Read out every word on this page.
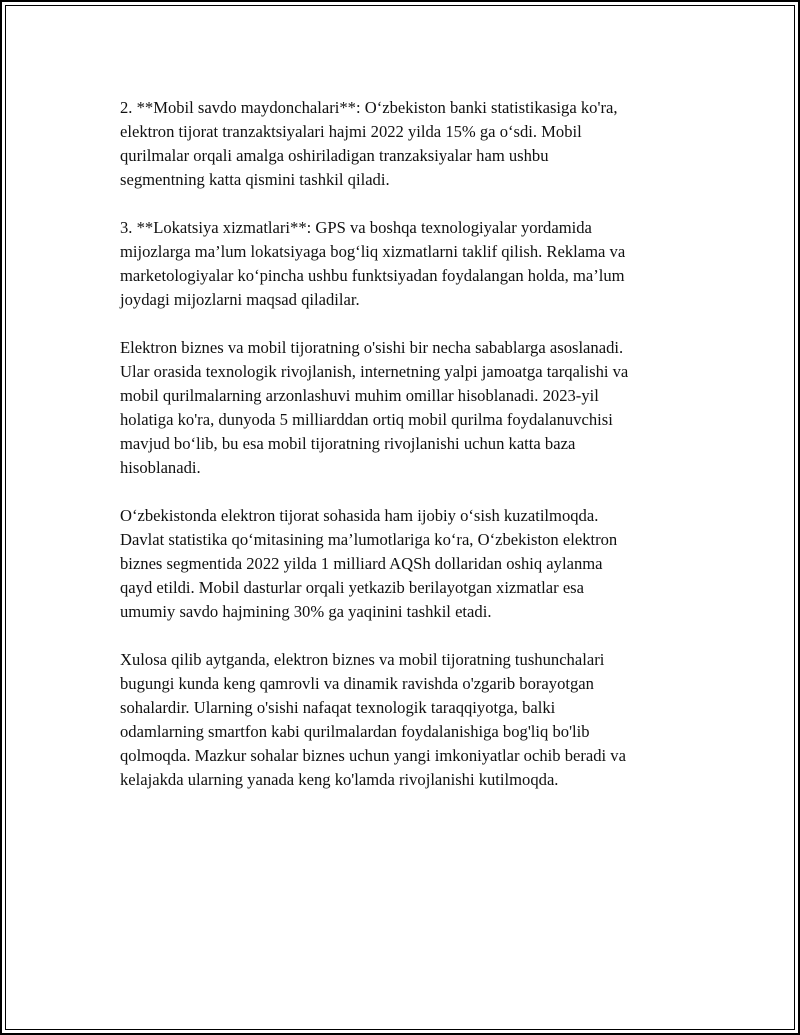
2. **Mobil savdo maydonchalari**: O‘zbekiston banki statistikasiga ko'ra,
elektron tijorat tranzaktsiyalari hajmi 2022 yilda 15% ga o‘sdi. Mobil
qurilmalar orqali amalga oshiriladigan tranzaksiyalar ham ushbu
segmentning katta qismini tashkil qiladi.

3. **Lokatsiya xizmatlari**: GPS va boshqa texnologiyalar yordamida
mijozlarga ma’lum lokatsiyaga bog‘liq xizmatlarni taklif qilish. Reklama va
marketologiyalar ko‘pincha ushbu funktsiyadan foydalangan holda, ma’lum
joydagi mijozlarni maqsad qiladilar.

Elektron biznes va mobil tijoratning o'sishi bir necha sabablarga asoslanadi.
Ular orasida texnologik rivojlanish, internetning yalpi jamoatga tarqalishi va
mobil qurilmalarning arzonlashuvi muhim omillar hisoblanadi. 2023-yil
holatiga ko'ra, dunyoda 5 milliarddan ortiq mobil qurilma foydalanuvchisi
mavjud bo‘lib, bu esa mobil tijoratning rivojlanishi uchun katta baza
hisoblanadi.

O‘zbekistonda elektron tijorat sohasida ham ijobiy o‘sish kuzatilmoqda.
Davlat statistika qo‘mitasining ma’lumotlariga ko‘ra, O‘zbekiston elektron
biznes segmentida 2022 yilda 1 milliard AQSh dollaridan oshiq aylanma
qayd etildi. Mobil dasturlar orqali yetkazib berilayotgan xizmatlar esa
umumiy savdo hajmining 30% ga yaqinini tashkil etadi.

Xulosa qilib aytganda, elektron biznes va mobil tijoratning tushunchalari
bugungi kunda keng qamrovli va dinamik ravishda o'zgarib borayotgan
sohalardir. Ularning o'sishi nafaqat texnologik taraqqiyotga, balki
odamlarning smartfon kabi qurilmalardan foydalanishiga bog'liq bo'lib
qolmoqda. Mazkur sohalar biznes uchun yangi imkoniyatlar ochib beradi va
kelajakda ularning yanada keng ko'lamda rivojlanishi kutilmoqda.
